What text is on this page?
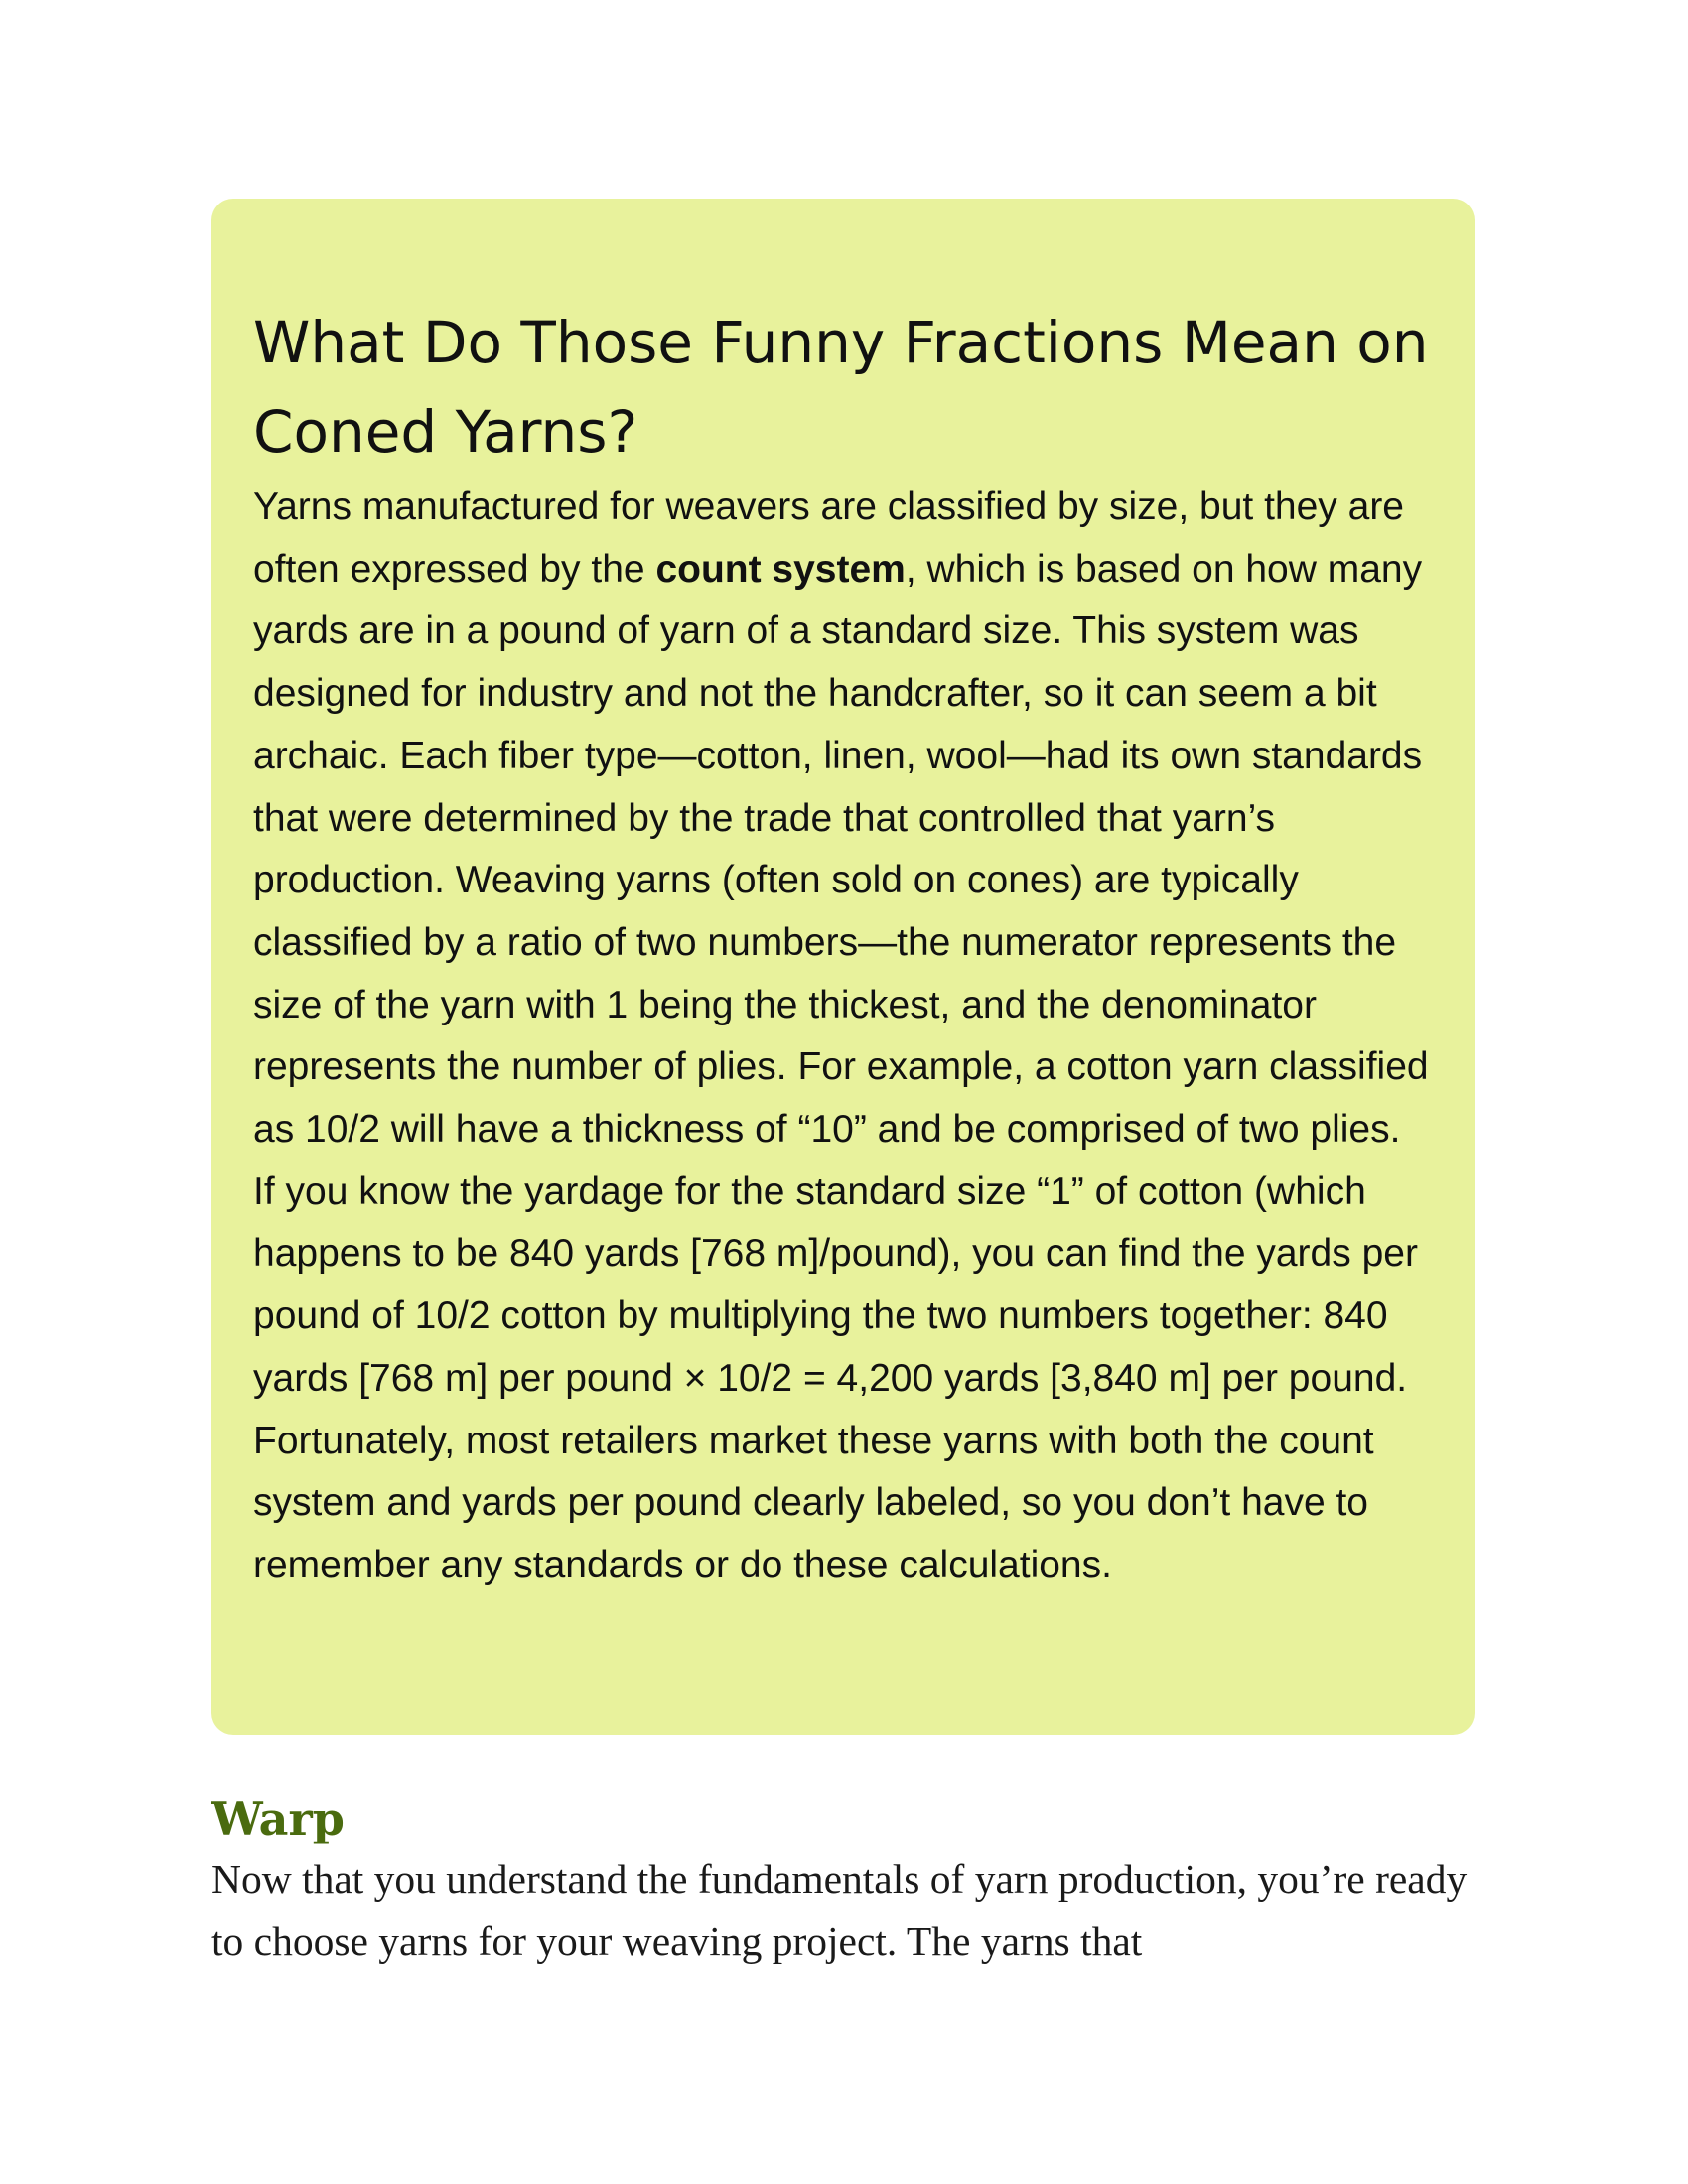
What Do Those Funny Fractions Mean on Coned Yarns?

Yarns manufactured for weavers are classified by size, but they are often expressed by the count system, which is based on how many yards are in a pound of yarn of a standard size. This system was designed for industry and not the handcrafter, so it can seem a bit archaic. Each fiber type—cotton, linen, wool—had its own standards that were determined by the trade that controlled that yarn’s production. Weaving yarns (often sold on cones) are typically classified by a ratio of two numbers—the numerator represents the size of the yarn with 1 being the thickest, and the denominator represents the number of plies. For example, a cotton yarn classified as 10/2 will have a thickness of “10” and be comprised of two plies. If you know the yardage for the standard size “1” of cotton (which happens to be 840 yards [768 m]/pound), you can find the yards per pound of 10/2 cotton by multiplying the two numbers together: 840 yards [768 m] per pound × 10/2 = 4,200 yards [3,840 m] per pound. Fortunately, most retailers market these yarns with both the count system and yards per pound clearly labeled, so you don’t have to remember any standards or do these calculations.

Warp

Now that you understand the fundamentals of yarn production, you’re ready to choose yarns for your weaving project. The yarns that
